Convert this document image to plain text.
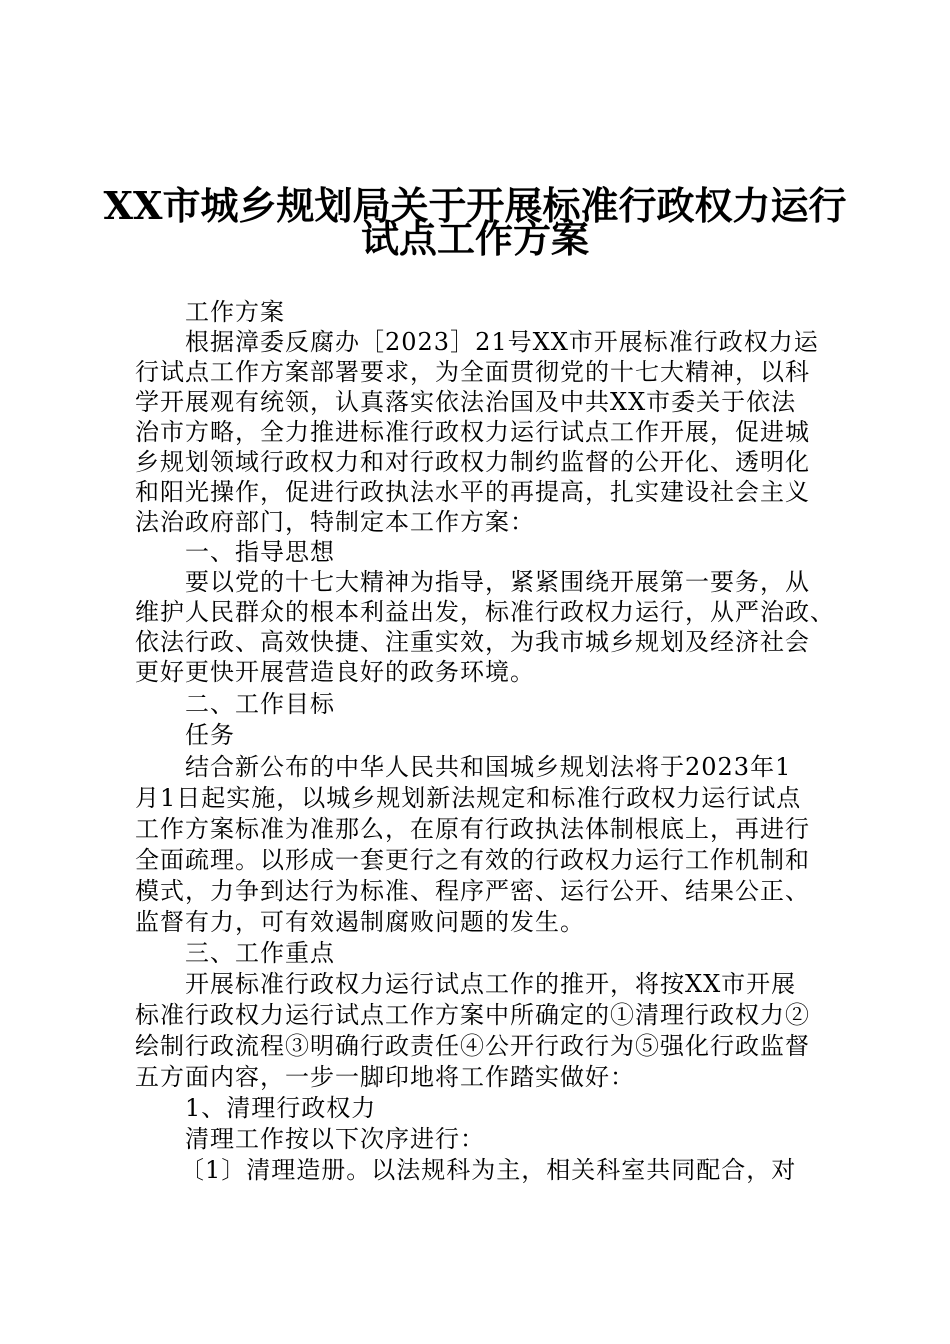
XX市城乡规划局关于开展标准行政权力运行
试点工作方案
工作方案
根据漳委反腐办［2023］21号XX市开展标准行政权力运
行试点工作方案部署要求，为全面贯彻党的十七大精神，以科
学开展观有统领，认真落实依法治国及中共XX市委关于依法
治市方略，全力推进标准行政权力运行试点工作开展，促进城
乡规划领域行政权力和对行政权力制约监督的公开化、透明化
和阳光操作，促进行政执法水平的再提高，扎实建设社会主义
法治政府部门，特制定本工作方案：
一、指导思想
要以党的十七大精神为指导，紧紧围绕开展第一要务，从
维护人民群众的根本利益出发，标准行政权力运行，从严治政、
依法行政、高效快捷、注重实效，为我市城乡规划及经济社会
更好更快开展营造良好的政务环境。
二、工作目标
任务
结合新公布的中华人民共和国城乡规划法将于2023年1
月1日起实施，以城乡规划新法规定和标准行政权力运行试点
工作方案标准为准那么，在原有行政执法体制根底上，再进行
全面疏理。以形成一套更行之有效的行政权力运行工作机制和
模式，力争到达行为标准、程序严密、运行公开、结果公正、
监督有力，可有效遏制腐败问题的发生。
三、工作重点
开展标准行政权力运行试点工作的推开，将按XX市开展
标准行政权力运行试点工作方案中所确定的①清理行政权力②
绘制行政流程③明确行政责任④公开行政行为⑤强化行政监督
五方面内容，一步一脚印地将工作踏实做好：
1、清理行政权力
清理工作按以下次序进行：
〔1〕清理造册。以法规科为主，相关科室共同配合，对
